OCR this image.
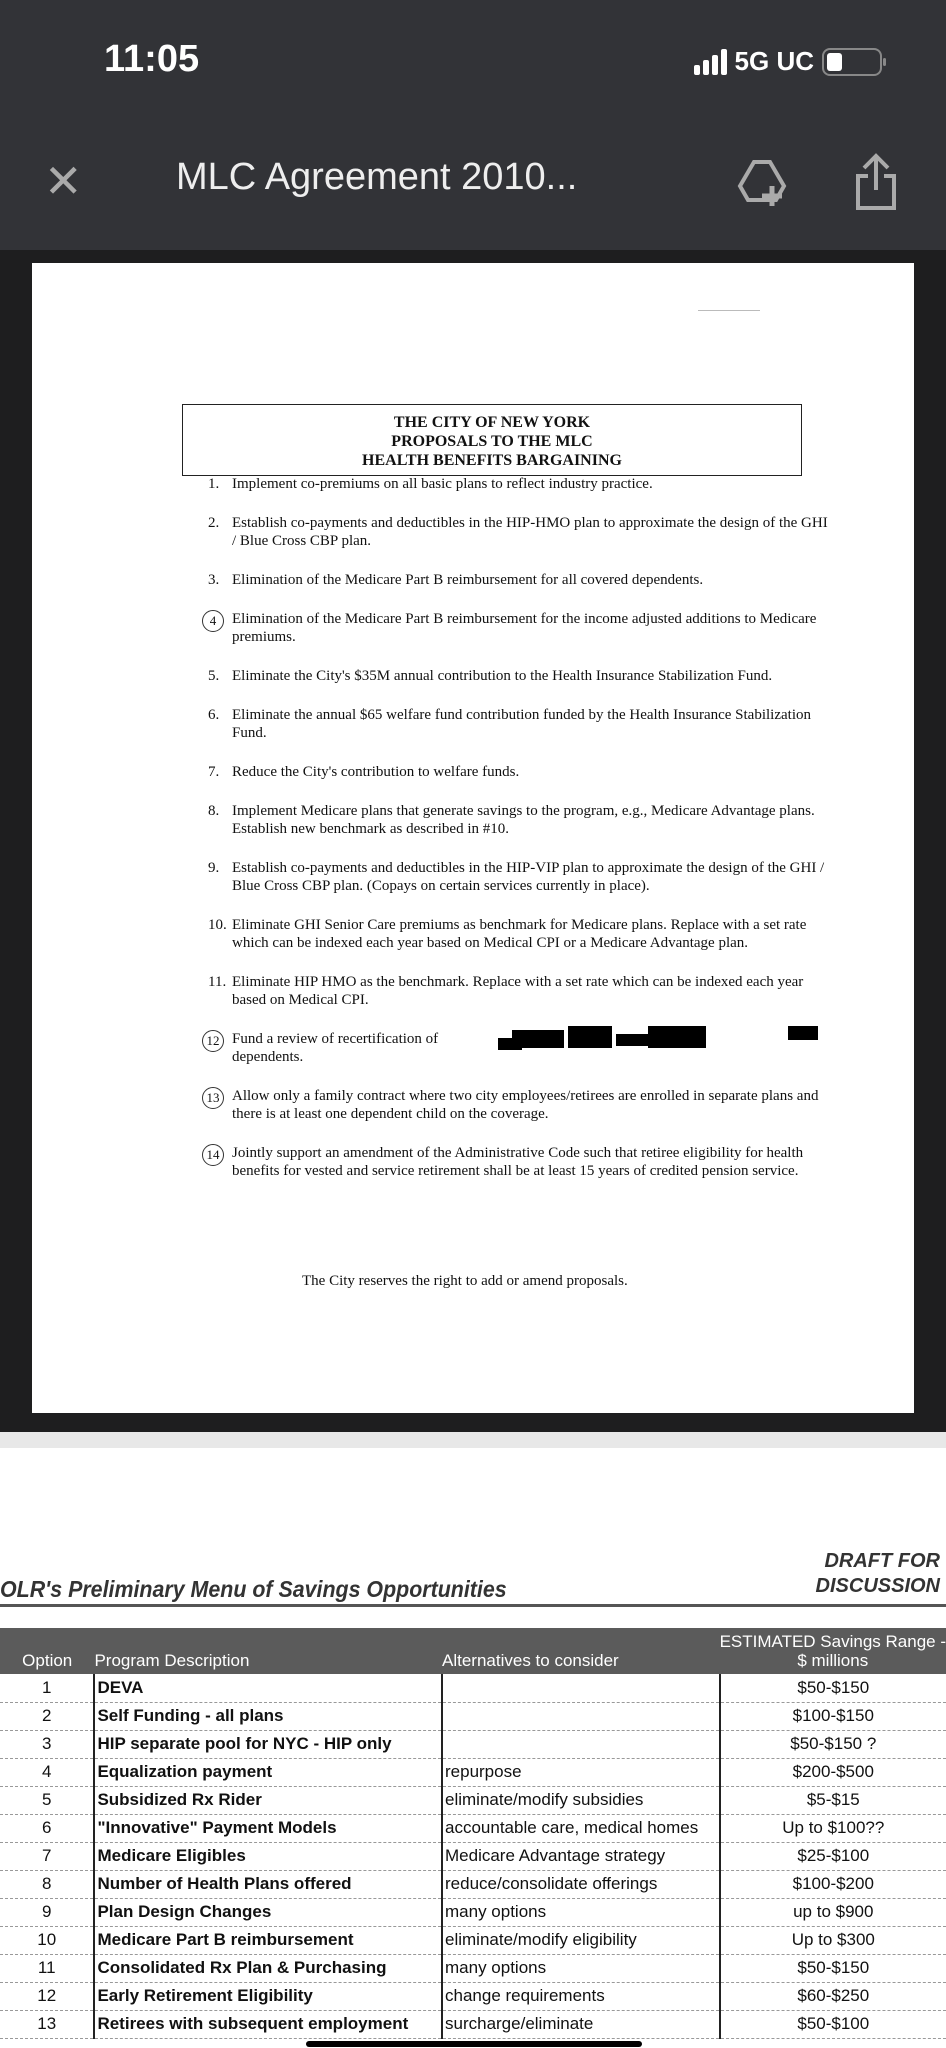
11:05	5G UC
✕ MLC Agreement 2010...
THE CITY OF NEW YORK
PROPOSALS TO THE MLC
HEALTH BENEFITS BARGAINING
1. Implement co-premiums on all basic plans to reflect industry practice.
2. Establish co-payments and deductibles in the HIP-HMO plan to approximate the design of the GHI / Blue Cross CBP plan.
3. Elimination of the Medicare Part B reimbursement for all covered dependents.
4	Elimination of the Medicare Part B reimbursement for the income adjusted additions to Medicare premiums.
5. Eliminate the City's $35M annual contribution to the Health Insurance Stabilization Fund.
6. Eliminate the annual $65 welfare fund contribution funded by the Health Insurance Stabilization Fund.
7. Reduce the City's contribution to welfare funds.
8. Implement Medicare plans that generate savings to the program, e.g., Medicare Advantage plans. Establish new benchmark as described in #10.
9. Establish co-payments and deductibles in the HIP-VIP plan to approximate the design of the GHI / Blue Cross CBP plan. (Copays on certain services currently in place).
10. Eliminate GHI Senior Care premiums as benchmark for Medicare plans. Replace with a set rate which can be indexed each year based on Medical CPI or a Medicare Advantage plan.
11. Eliminate HIP HMO as the benchmark. Replace with a set rate which can be indexed each year based on Medical CPI.
12 Fund a review of recertification of dependents.
13 Allow only a family contract where two city employees/retirees are enrolled in separate plans and there is at least one dependent child on the coverage.
14 Jointly support an amendment of the Administrative Code such that retiree eligibility for health benefits for vested and service retirement shall be at least 15 years of credited pension service.
The City reserves the right to add or amend proposals.
OLR's Preliminary Menu of Savings Opportunities
DRAFT FOR
DISCUSSION
Option	Program Description	Alternatives to consider	ESTIMATED Savings Range -
$ millions

1	DEVA		$50-$150
2	Self Funding - all plans		$100-$150
3	HIP separate pool for NYC - HIP only		$50-$150 ?
4	Equalization payment	repurpose	$200-$500
5	Subsidized Rx Rider	eliminate/modify subsidies	$5-$15
6	"Innovative" Payment Models	accountable care, medical homes	Up to $100??
7	Medicare Eligibles	Medicare Advantage strategy	$25-$100
8	Number of Health Plans offered	reduce/consolidate offerings	$100-$200
9	Plan Design Changes	many options	up to $900
10	Medicare Part B reimbursement	eliminate/modify eligibility	Up to $300
11	Consolidated Rx Plan & Purchasing	many options	$50-$150
12	Early Retirement Eligibility	change requirements	$60-$250
13	Retirees with subsequent employment	surcharge/eliminate	$50-$100
